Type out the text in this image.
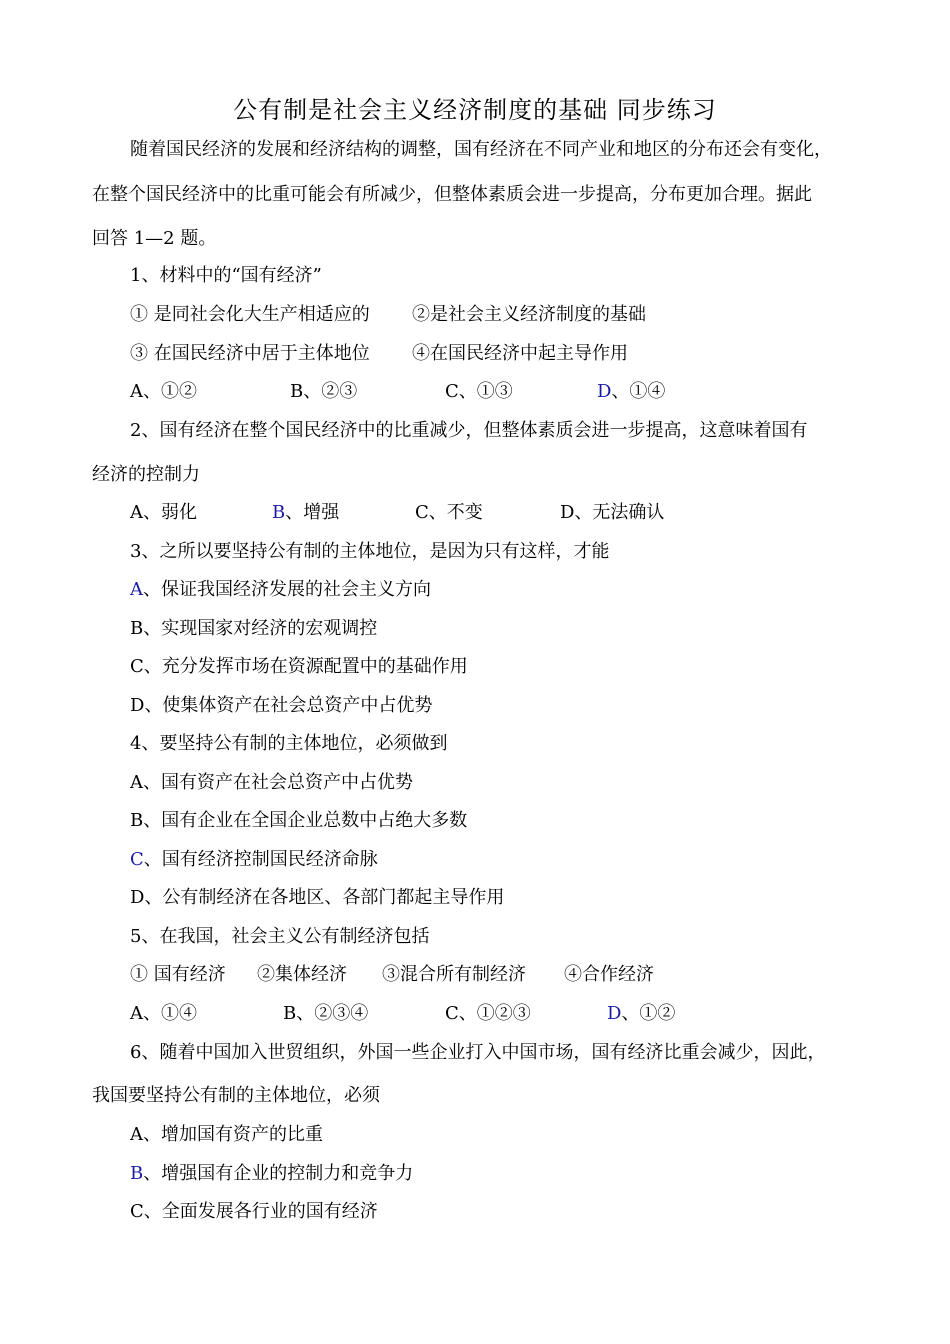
公有制是社会主义经济制度的基础 同步练习
随着国民经济的发展和经济结构的调整，国有经济在不同产业和地区的分布还会有变化，
在整个国民经济中的比重可能会有所减少，但整体素质会进一步提高，分布更加合理。据此
回答 1—2 题。
1、材料中的“国有经济”
① 是同社会化大生产相适应的 ②是社会主义经济制度的基础
③ 在国民经济中居于主体地位 ④在国民经济中起主导作用
A、①②	B、②③	C、①③	D、①④
2、国有经济在整个国民经济中的比重减少，但整体素质会进一步提高，这意味着国有
经济的控制力
A、弱化	B、增强	C、不变	D、无法确认
3、之所以要坚持公有制的主体地位，是因为只有这样，才能
A、保证我国经济发展的社会主义方向
B、实现国家对经济的宏观调控
C、充分发挥市场在资源配置中的基础作用
D、使集体资产在社会总资产中占优势
4、要坚持公有制的主体地位，必须做到
A、国有资产在社会总资产中占优势
B、国有企业在全国企业总数中占绝大多数
C、国有经济控制国民经济命脉
D、公有制经济在各地区、各部门都起主导作用
5、在我国，社会主义公有制经济包括
① 国有经济 ②集体经济 ③混合所有制经济 ④合作经济
A、①④	B、②③④	C、①②③	D、①②
6、随着中国加入世贸组织，外国一些企业打入中国市场，国有经济比重会减少，因此，
我国要坚持公有制的主体地位，必须
A、增加国有资产的比重
B、增强国有企业的控制力和竞争力
C、全面发展各行业的国有经济
